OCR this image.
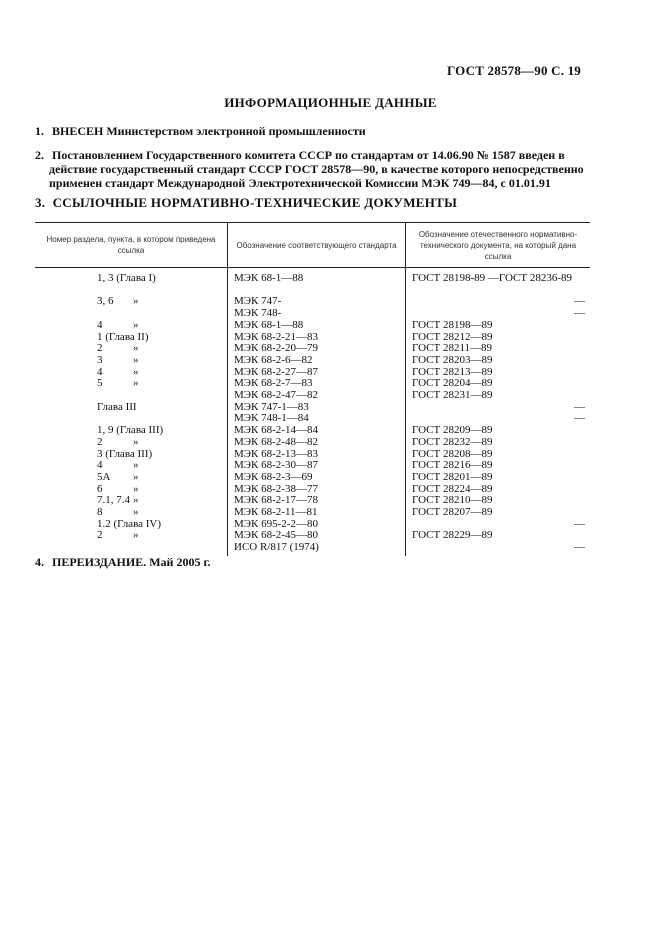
ГОСТ 28578—90 С. 19
ИНФОРМАЦИОННЫЕ ДАННЫЕ
1. ВНЕСЕН Министерством электронной промышленности
2. Постановлением Государственного комитета СССР по стандартам от 14.06.90 № 1587 введен в
действие государственный стандарт СССР ГОСТ 28578—90, в качестве которого непосредственно
применен стандарт Международной Электротехнической Комиссии МЭК 749—84, с 01.01.91
3. ССЫЛОЧНЫЕ НОРМАТИВНО-ТЕХНИЧЕСКИЕ ДОКУМЕНТЫ
Номер раздела, пункта, в котором приведена ссылка	Обозначение соответствующего стандарта	Обозначение отечественного нормативно-технического документа, на который дана ссылка
1, 3 (Глава I)	МЭК 68-1—88	ГОСТ 28198-89 —ГОСТ 28236-89

3, 6 »	МЭК 747-	—

	МЭК 748-	—

4 »	МЭК 68-1—88	ГОСТ 28198—89
1 (Глава II)	МЭК 68-2-21—83	ГОСТ 28212—89
2 »	МЭК 68-2-20—79	ГОСТ 28211—89
3 »	МЭК 68-2-6—82	ГОСТ 28203—89
4 »	МЭК 68-2-27—87	ГОСТ 28213—89
5 »	МЭК 68-2-7—83	ГОСТ 28204—89
	МЭК 68-2-47—82	ГОСТ 28231—89
Глава III	МЭК 747-1—83	—

	МЭК 748-1—84	—

1, 9 (Глава III)	МЭК 68-2-14—84	ГОСТ 28209—89
2 »	МЭК 68-2-48—82	ГОСТ 28232—89
3 (Глава III)	МЭК 68-2-13—83	ГОСТ 28208—89
4 »	МЭК 68-2-30—87	ГОСТ 28216—89
5А »	МЭК 68-2-3—69	ГОСТ 28201—89
6 »	МЭК 68-2-38—77	ГОСТ 28224—89
7.1, 7.4 »	МЭК 68-2-17—78	ГОСТ 28210—89
8 »	МЭК 68-2-11—81	ГОСТ 28207—89
1.2 (Глава IV)	МЭК 695-2-2—80	—

2 »	МЭК 68-2-45—80	ГОСТ 28229—89
	ИСО R/817 (1974)	—
4. ПЕРЕИЗДАНИЕ. Май 2005 г.
